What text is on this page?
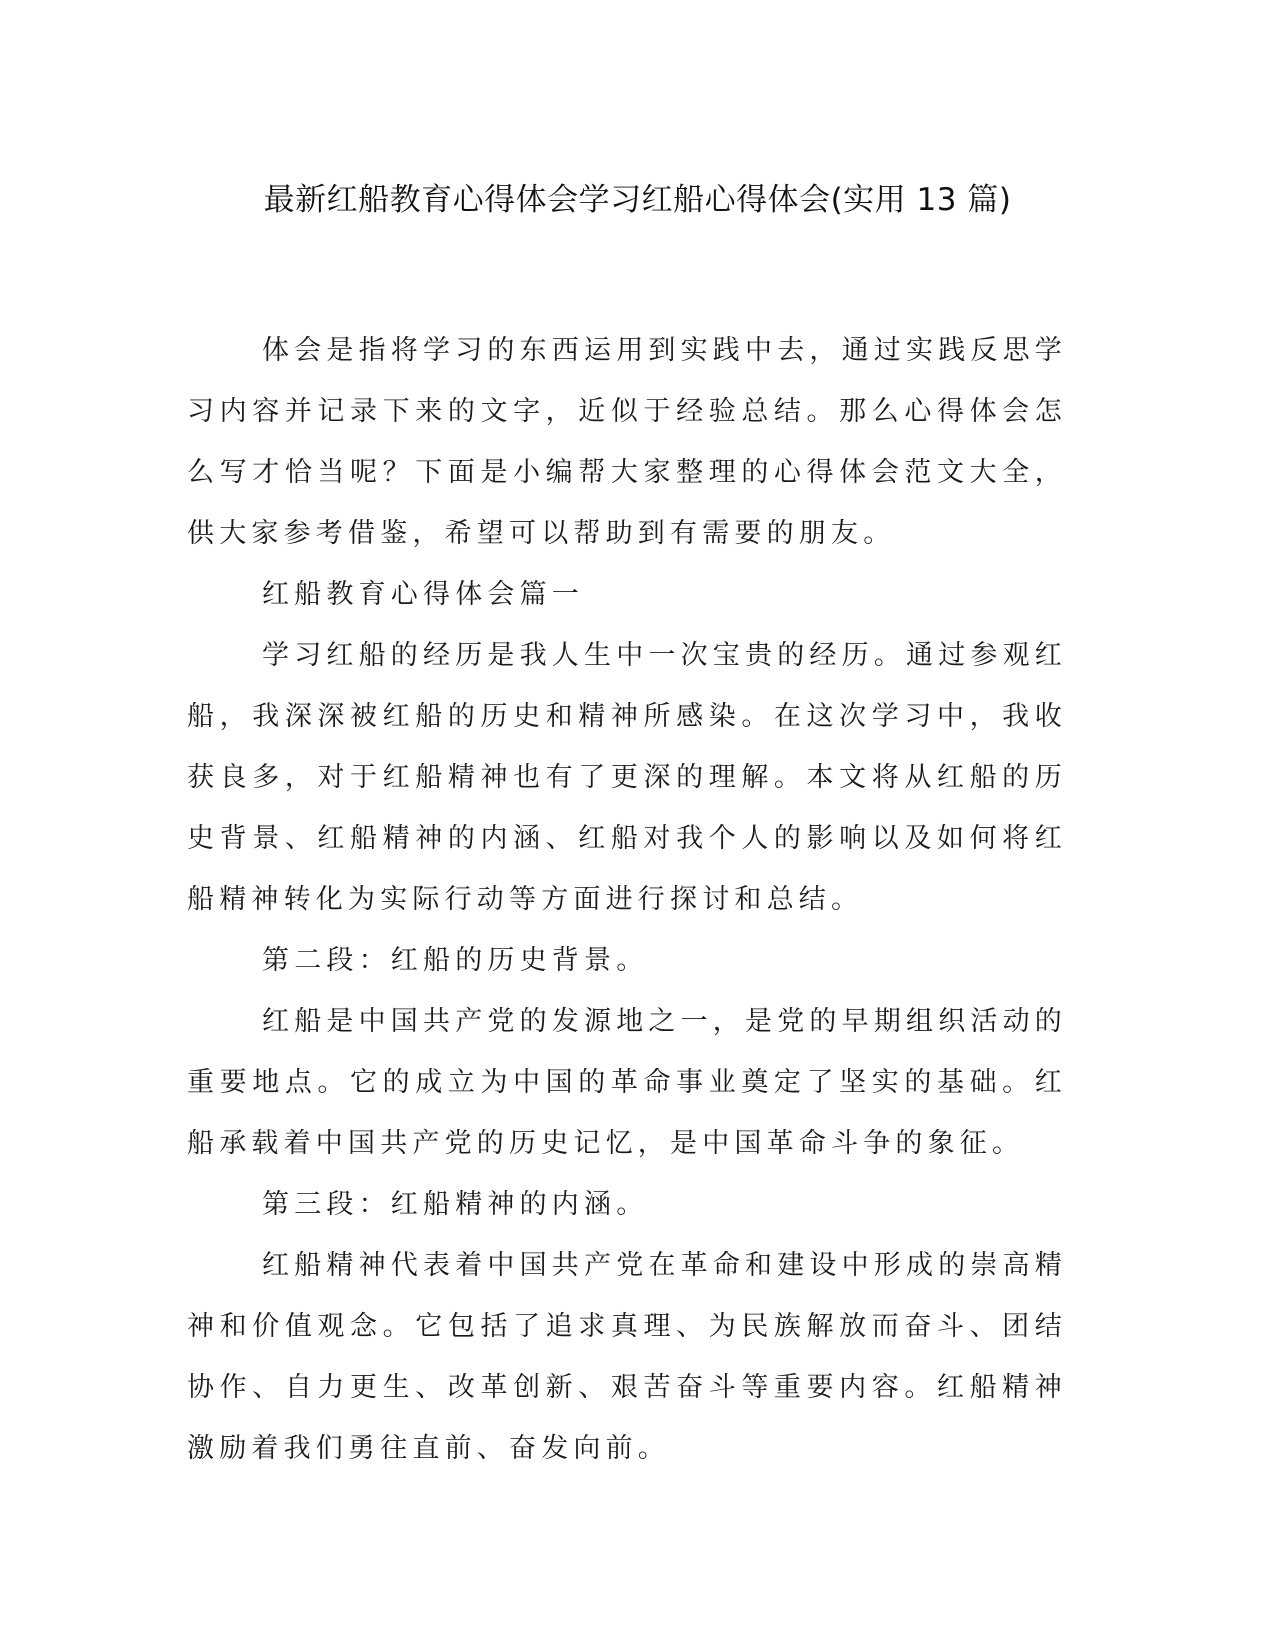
最新红船教育心得体会学习红船心得体会(实用 13 篇)

体会是指将学习的东西运用到实践中去，通过实践反思学习内容并记录下来的文字，近似于经验总结。那么心得体会怎么写才恰当呢？下面是小编帮大家整理的心得体会范文大全，供大家参考借鉴，希望可以帮助到有需要的朋友。

红船教育心得体会篇一

学习红船的经历是我人生中一次宝贵的经历。通过参观红船，我深深被红船的历史和精神所感染。在这次学习中，我收获良多，对于红船精神也有了更深的理解。本文将从红船的历史背景、红船精神的内涵、红船对我个人的影响以及如何将红船精神转化为实际行动等方面进行探讨和总结。

第二段：红船的历史背景。

红船是中国共产党的发源地之一，是党的早期组织活动的重要地点。它的成立为中国的革命事业奠定了坚实的基础。红船承载着中国共产党的历史记忆，是中国革命斗争的象征。

第三段：红船精神的内涵。

红船精神代表着中国共产党在革命和建设中形成的崇高精神和价值观念。它包括了追求真理、为民族解放而奋斗、团结协作、自力更生、改革创新、艰苦奋斗等重要内容。红船精神激励着我们勇往直前、奋发向前。
